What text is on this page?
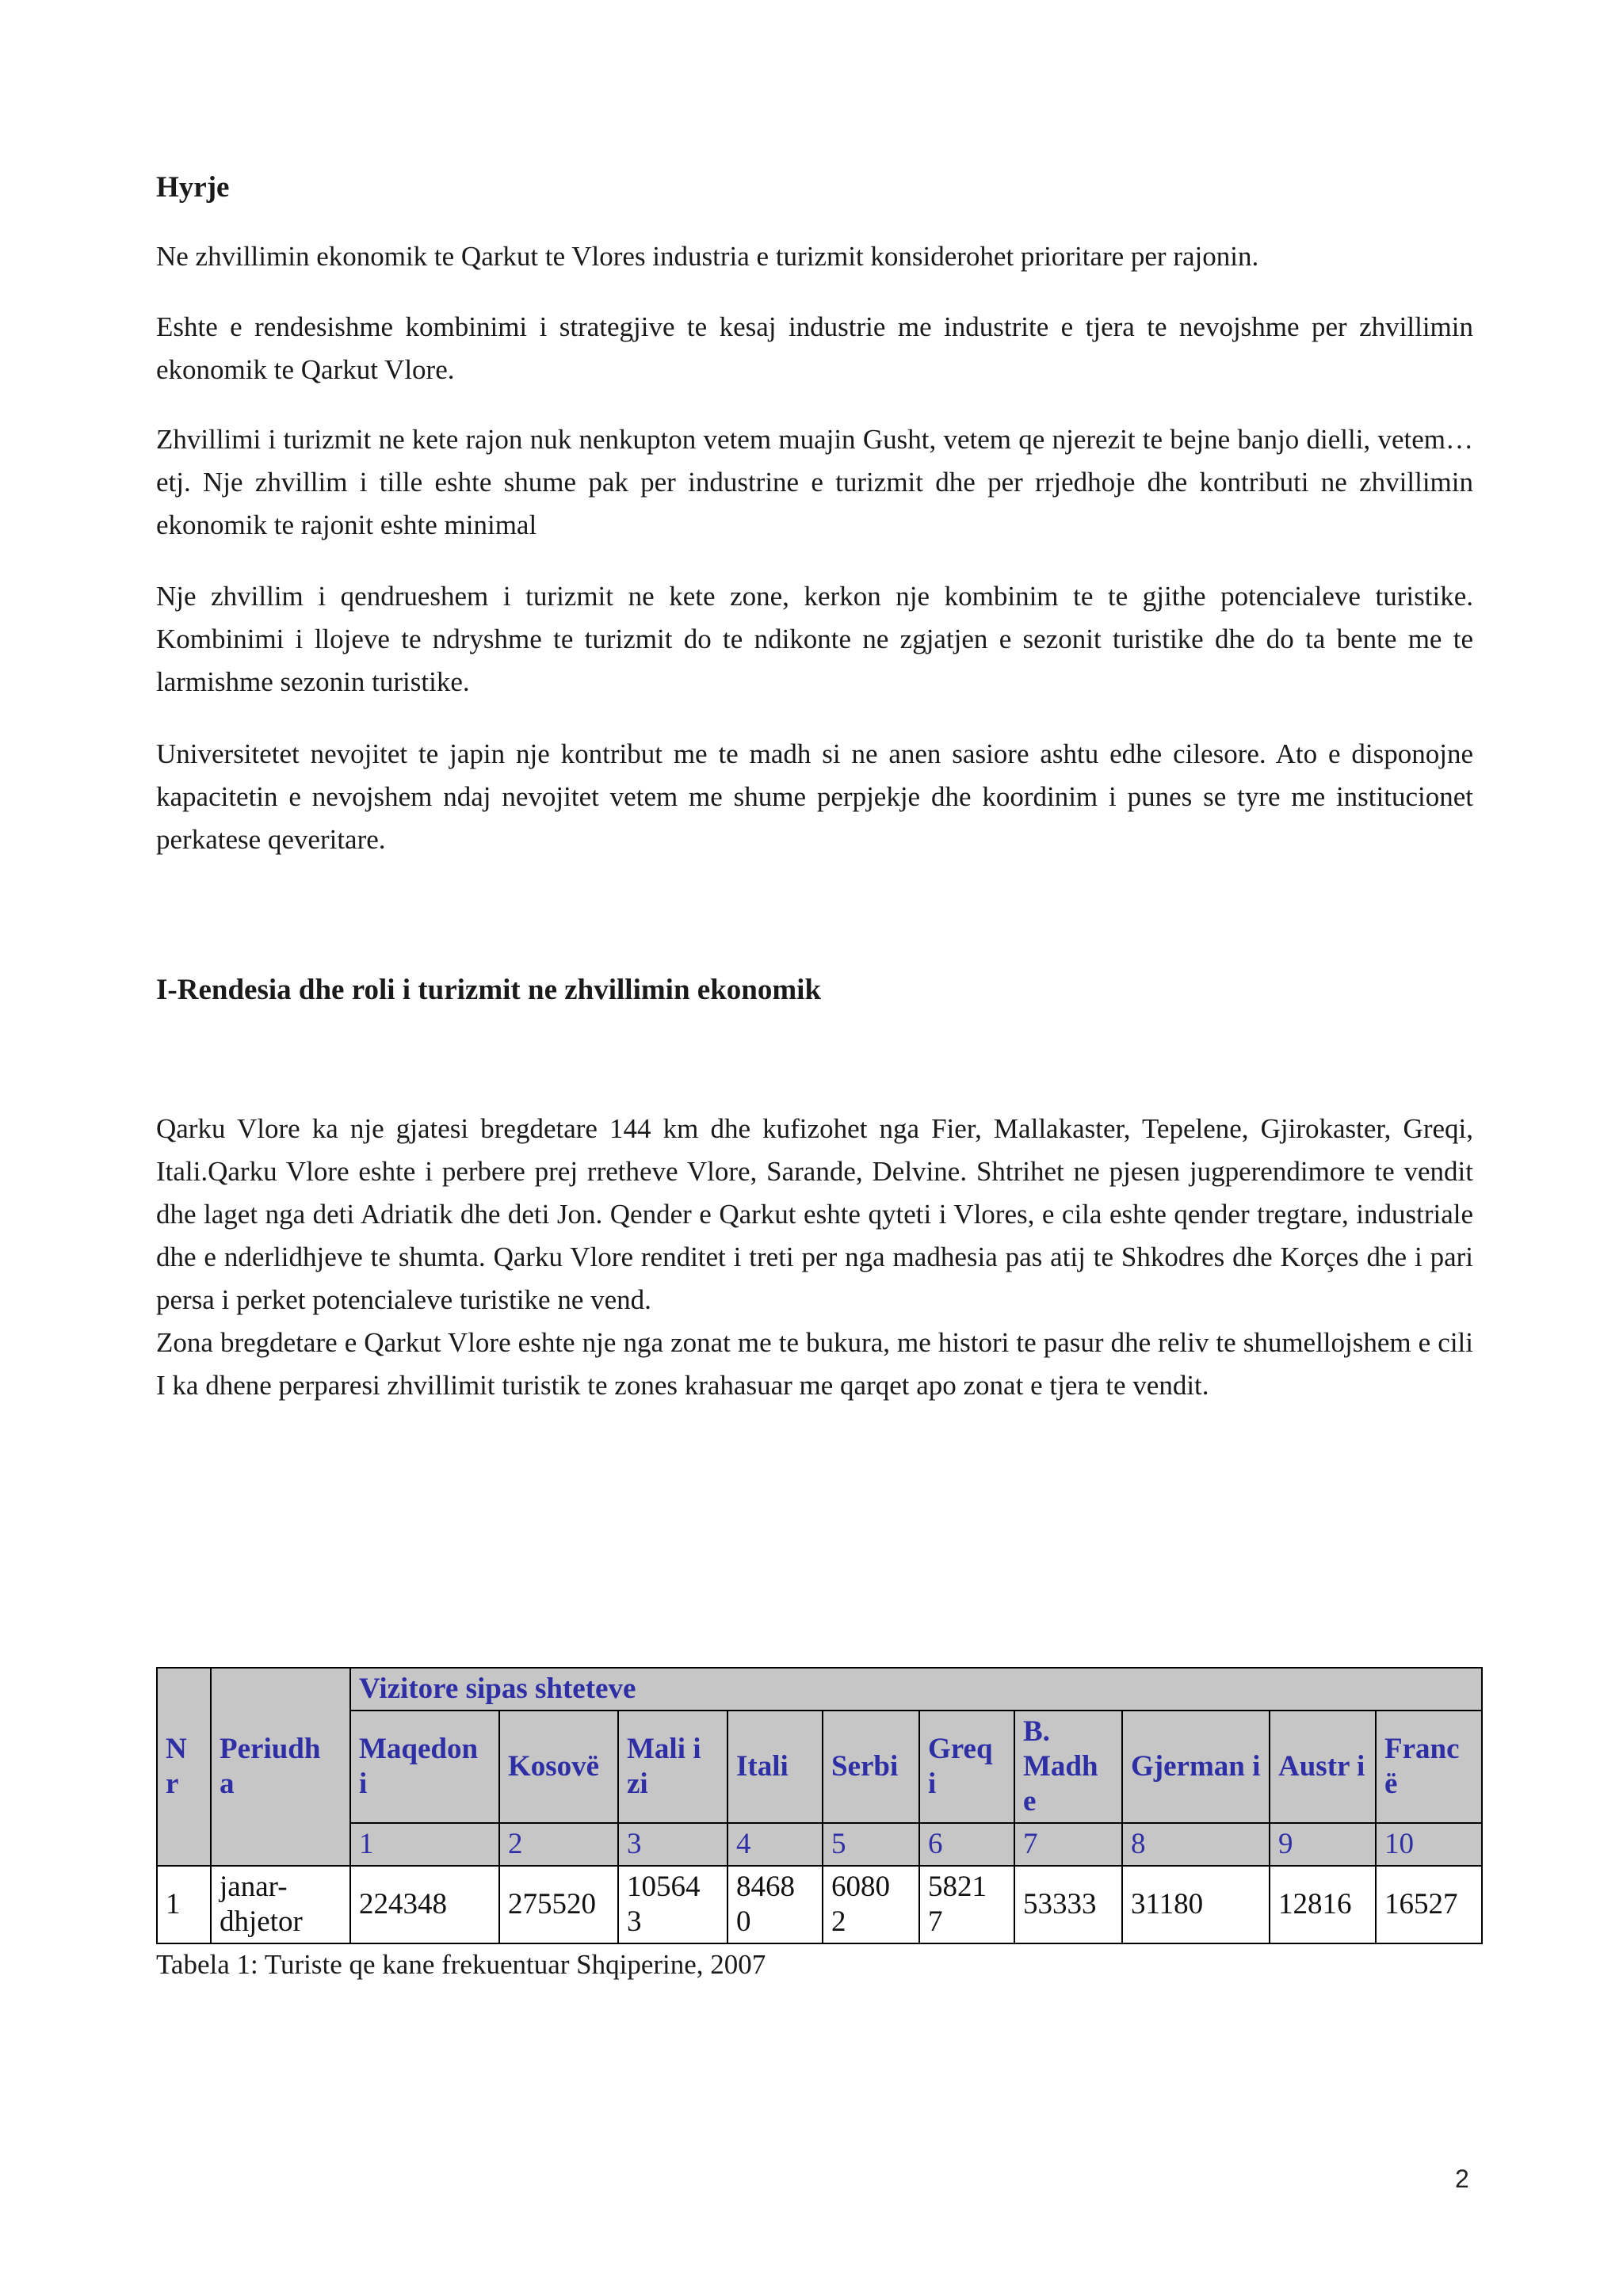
Hyrje

Ne zhvillimin ekonomik te Qarkut te Vlores industria e turizmit konsiderohet prioritare per rajonin.

Eshte e rendesishme kombinimi i strategjive te kesaj industrie me industrite e tjera te nevojshme per zhvillimin ekonomik te Qarkut Vlore.

Zhvillimi i turizmit ne kete rajon nuk nenkupton vetem muajin Gusht, vetem qe njerezit te bejne banjo dielli, vetem…etj. Nje zhvillim i tille eshte shume pak per industrine e turizmit dhe per rrjedhoje dhe kontributi ne zhvillimin ekonomik te rajonit eshte minimal

Nje zhvillim i qendrueshem i turizmit ne kete zone, kerkon nje kombinim te te gjithe potencialeve turistike. Kombinimi i llojeve te ndryshme te turizmit do te ndikonte ne zgjatjen e sezonit turistike dhe do ta bente me te larmishme sezonin turistike.

Universitetet nevojitet te japin nje kontribut me te madh si ne anen sasiore ashtu edhe cilesore. Ato e disponojne kapacitetin e nevojshem ndaj nevojitet vetem me shume perpjekje dhe koordinim i punes se tyre me institucionet perkatese qeveritare.

I-Rendesia dhe roli i turizmit ne zhvillimin ekonomik

Qarku Vlore ka nje gjatesi bregdetare 144 km dhe kufizohet nga Fier, Mallakaster, Tepelene, Gjirokaster, Greqi, Itali.Qarku Vlore eshte i perbere prej rretheve Vlore, Sarande, Delvine. Shtrihet ne pjesen jugperendimore te vendit dhe laget nga deti Adriatik dhe deti Jon. Qender e Qarkut eshte qyteti i Vlores, e cila eshte qender tregtare, industriale dhe e nderlidhjeve te shumta. Qarku Vlore renditet i treti per nga madhesia pas atij te Shkodres dhe Korçes dhe i pari persa i perket potencialeve turistike ne vend.

Zona bregdetare e Qarkut Vlore eshte nje nga zonat me te bukura, me histori te pasur dhe reliv te shumellojshem e cili I ka dhene perparesi zhvillimit turistik te zones krahasuar me qarqet apo zonat e tjera te vendit.

N r	Periudh a	Vizitore sipas shteteve									
		Maqedon i	Kosovë	Mali i zi	Itali	Serbi	Greq i	B. Madh e	Gjerman i	Austr i	Franc ë
		1	2	3	4	5	6	7	8	9	10
1	janar-dhjetor	224348	275520	10564 3	8468 0	6080 2	5821 7	53333	31180	12816	16527
Tabela 1: Turiste qe kane frekuentuar Shqiperine, 2007
2
